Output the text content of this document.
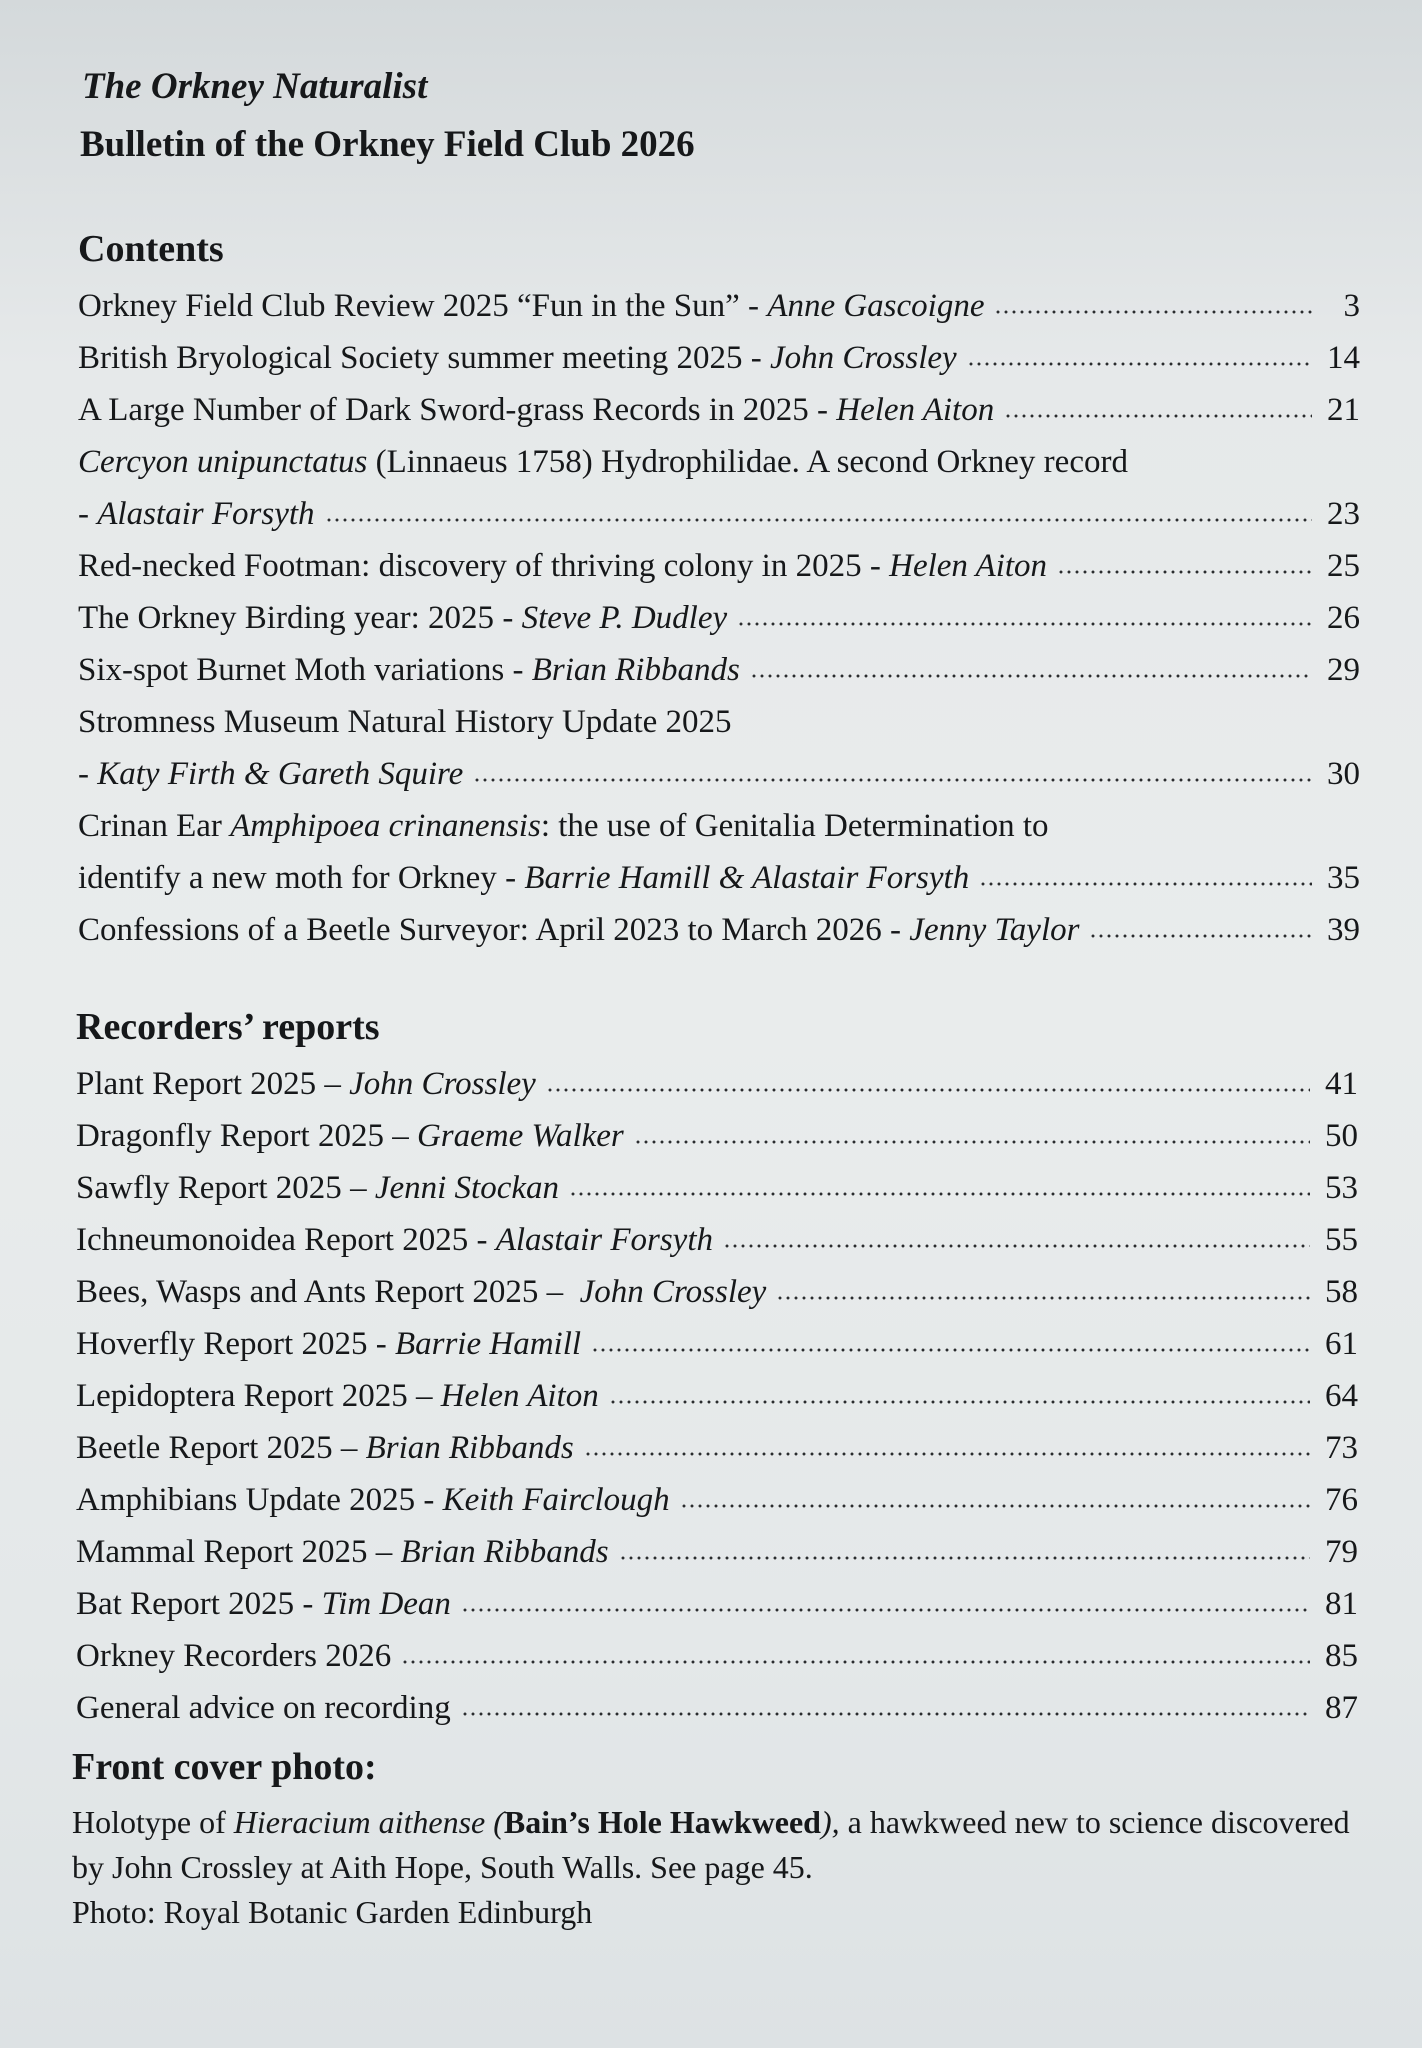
The Orkney Naturalist
Bulletin of the Orkney Field Club 2026
Contents
Orkney Field Club Review 2025 “Fun in the Sun” - Anne Gascoigne	3
British Bryological Society summer meeting 2025 - John Crossley	14
A Large Number of Dark Sword-grass Records in 2025 - Helen Aiton	21
Cercyon unipunctatus (Linnaeus 1758) Hydrophilidae. A second Orkney record
- Alastair Forsyth	23
Red-necked Footman: discovery of thriving colony in 2025 - Helen Aiton	25
The Orkney Birding year: 2025 - Steve P. Dudley	26
Six-spot Burnet Moth variations - Brian Ribbands	29
Stromness Museum Natural History Update 2025
- Katy Firth & Gareth Squire	30
Crinan Ear Amphipoea crinanensis: the use of Genitalia Determination to
identify a new moth for Orkney - Barrie Hamill & Alastair Forsyth	35
Confessions of a Beetle Surveyor: April 2023 to March 2026 - Jenny Taylor	39
Recorders’ reports
Plant Report 2025 – John Crossley	41
Dragonfly Report 2025 – Graeme Walker	50
Sawfly Report 2025 – Jenni Stockan	53
Ichneumonoidea Report 2025 - Alastair Forsyth	55
Bees, Wasps and Ants Report 2025 – John Crossley	58
Hoverfly Report 2025 - Barrie Hamill	61
Lepidoptera Report 2025 – Helen Aiton	64
Beetle Report 2025 – Brian Ribbands	73
Amphibians Update 2025 - Keith Fairclough	76
Mammal Report 2025 – Brian Ribbands	79
Bat Report 2025 - Tim Dean	81
Orkney Recorders 2026	85
General advice on recording	87
Front cover photo:

Holotype of Hieracium aithense (Bain’s Hole Hawkweed), a hawkweed new to science discovered by John Crossley at Aith Hope, South Walls. See page 45.
Photo: Royal Botanic Garden Edinburgh
